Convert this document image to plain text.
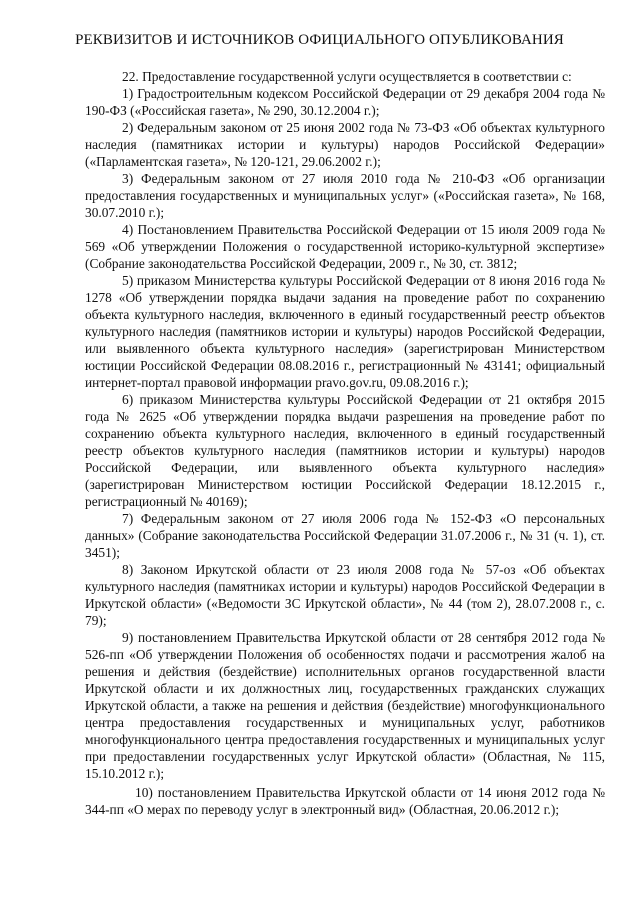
РЕКВИЗИТОВ И ИСТОЧНИКОВ ОФИЦИАЛЬНОГО ОПУБЛИКОВАНИЯ

22. Предоставление государственной услуги осуществляется в соответствии с:

1) Градостроительным кодексом Российской Федерации от 29 декабря 2004 года № 190-ФЗ («Российская газета», № 290, 30.12.2004 г.);

2) Федеральным законом от 25 июня 2002 года № 73-ФЗ «Об объектах культурного наследия (памятниках истории и культуры) народов Российской Федерации» («Парламентская газета», № 120-121, 29.06.2002 г.);

3) Федеральным законом от 27 июля 2010 года № 210-ФЗ «Об организации предоставления государственных и муниципальных услуг» («Российская газета», № 168, 30.07.2010 г.);

4) Постановлением Правительства Российской Федерации от 15 июля 2009 года № 569 «Об утверждении Положения о государственной историко-культурной экспертизе» (Собрание законодательства Российской Федерации, 2009 г., № 30, ст. 3812;

5) приказом Министерства культуры Российской Федерации от 8 июня 2016 года № 1278 «Об утверждении порядка выдачи задания на проведение работ по сохранению объекта культурного наследия, включенного в единый государственный реестр объектов культурного наследия (памятников истории и культуры) народов Российской Федерации, или выявленного объекта культурного наследия» (зарегистрирован Министерством юстиции Российской Федерации 08.08.2016 г., регистрационный № 43141; официальный интернет-портал правовой информации pravo.gov.ru, 09.08.2016 г.);

6) приказом Министерства культуры Российской Федерации от 21 октября 2015 года № 2625 «Об утверждении порядка выдачи разрешения на проведение работ по сохранению объекта культурного наследия, включенного в единый государственный реестр объектов культурного наследия (памятников истории и культуры) народов Российской Федерации, или выявленного объекта культурного наследия» (зарегистрирован Министерством юстиции Российской Федерации 18.12.2015 г., регистрационный № 40169);

7) Федеральным законом от 27 июля 2006 года № 152-ФЗ «О персональных данных» (Собрание законодательства Российской Федерации 31.07.2006 г., № 31 (ч. 1), ст. 3451);

8) Законом Иркутской области от 23 июля 2008 года № 57-оз «Об объектах культурного наследия (памятниках истории и культуры) народов Российской Федерации в Иркутской области» («Ведомости ЗС Иркутской области», № 44 (том 2), 28.07.2008 г., с. 79);

9) постановлением Правительства Иркутской области от 28 сентября 2012 года № 526-пп «Об утверждении Положения об особенностях подачи и рассмотрения жалоб на решения и действия (бездействие) исполнительных органов государственной власти Иркутской области и их должностных лиц, государственных гражданских служащих Иркутской области, а также на решения и действия (бездействие) многофункционального центра предоставления государственных и муниципальных услуг, работников многофункционального центра предоставления государственных и муниципальных услуг при предоставлении государственных услуг Иркутской области» (Областная, № 115, 15.10.2012 г.);

10) постановлением Правительства Иркутской области от 14 июня 2012 года № 344-пп «О мерах по переводу услуг в электронный вид» (Областная, 20.06.2012 г.);
